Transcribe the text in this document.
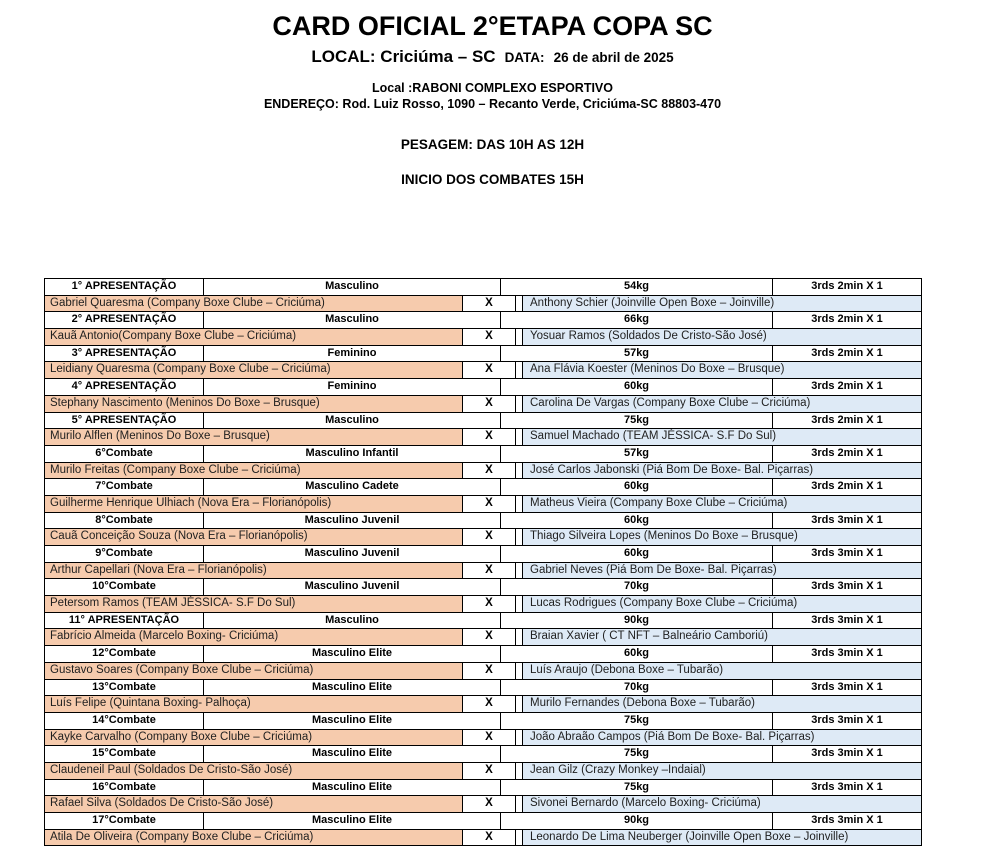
CARD OFICIAL 2°ETAPA COPA SC
LOCAL: Criciúma – SC DATA: 26 de abril de 2025
Local :RABONI COMPLEXO ESPORTIVO
ENDEREÇO: Rod. Luiz Rosso, 1090 – Recanto Verde, Criciúma-SC 88803-470
PESAGEM: DAS 10H AS 12H
INICIO DOS COMBATES 15H
1° APRESENTAÇÃO	Masculino	54kg	3rds 2min X 1
Gabriel Quaresma (Company Boxe Clube – Criciúma)	X	Anthony Schier (Joinville Open Boxe – Joinville)
2° APRESENTAÇÃO	Masculino	66kg	3rds 2min X 1
Kauã Antonio(Company Boxe Clube – Criciúma)	X	Yosuar Ramos (Soldados De Cristo-São José)
3° APRESENTAÇÃO	Feminino	57kg	3rds 2min X 1
Leidiany Quaresma (Company Boxe Clube – Criciúma)	X	Ana Flávia Koester (Meninos Do Boxe – Brusque)
4° APRESENTAÇÃO	Feminino	60kg	3rds 2min X 1
Stephany Nascimento (Meninos Do Boxe – Brusque)	X	Carolina De Vargas (Company Boxe Clube – Criciúma)
5° APRESENTAÇÃO	Masculino	75kg	3rds 2min X 1
Murilo Alflen (Meninos Do Boxe – Brusque)	X	Samuel Machado (TEAM JÉSSICA- S.F Do Sul)
6°Combate	Masculino Infantil	57kg	3rds 2min X 1
Murilo Freitas (Company Boxe Clube – Criciúma)	X	José Carlos Jabonski (Piá Bom De Boxe- Bal. Piçarras)
7°Combate	Masculino Cadete	60kg	3rds 2min X 1
Guilherme Henrique Ulhiach (Nova Era – Florianópolis)	X	Matheus Vieira (Company Boxe Clube – Criciúma)
8°Combate	Masculino Juvenil	60kg	3rds 3min X 1
Cauã Conceição Souza (Nova Era – Florianópolis)	X	Thiago Silveira Lopes (Meninos Do Boxe – Brusque)
9°Combate	Masculino Juvenil	60kg	3rds 3min X 1
Arthur Capellari (Nova Era – Florianópolis)	X	Gabriel Neves (Piá Bom De Boxe- Bal. Piçarras)
10°Combate	Masculino Juvenil	70kg	3rds 3min X 1
Petersom Ramos (TEAM JÉSSICA- S.F Do Sul)	X	Lucas Rodrigues (Company Boxe Clube – Criciúma)
11° APRESENTAÇÃO	Masculino	90kg	3rds 3min X 1
Fabrício Almeida (Marcelo Boxing- Criciúma)	X	Braian Xavier ( CT NFT – Balneário Camboriú)
12°Combate	Masculino Elite	60kg	3rds 3min X 1
Gustavo Soares (Company Boxe Clube – Criciúma)	X	Luís Araujo (Debona Boxe – Tubarão)
13°Combate	Masculino Elite	70kg	3rds 3min X 1
Luís Felipe (Quintana Boxing- Palhoça)	X	Murilo Fernandes (Debona Boxe – Tubarão)
14°Combate	Masculino Elite	75kg	3rds 3min X 1
Kayke Carvalho (Company Boxe Clube – Criciúma)	X	João Abraão Campos (Piá Bom De Boxe- Bal. Piçarras)
15°Combate	Masculino Elite	75kg	3rds 3min X 1
Claudeneil Paul (Soldados De Cristo-São José)	X	Jean Gilz (Crazy Monkey –Indaial)
16°Combate	Masculino Elite	75kg	3rds 3min X 1
Rafael Silva (Soldados De Cristo-São José)	X	Sivonei Bernardo (Marcelo Boxing- Criciúma)
17°Combate	Masculino Elite	90kg	3rds 3min X 1
Atila De Oliveira (Company Boxe Clube – Criciúma)	X	Leonardo De Lima Neuberger (Joinville Open Boxe – Joinville)
